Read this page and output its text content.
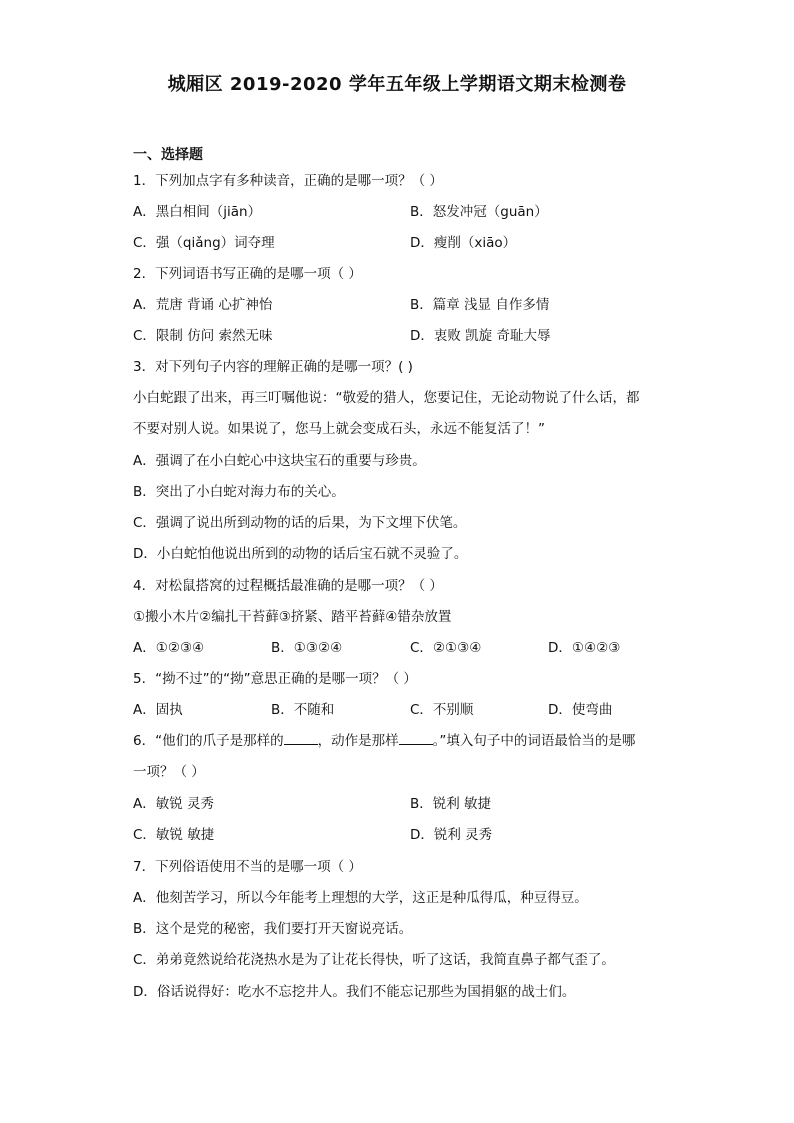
城厢区 2019-2020 学年五年级上学期语文期末检测卷
一、选择题
1．下列加点字有多种读音，正确的是哪一项？（ ）
A．黑白相间（jiān）	B．怒发冲冠（guān）
C．强（qiǎng）词夺理	D．瘦削（xiāo）
2．下列词语书写正确的是哪一项（ ）
A．荒唐 背诵 心扩神怡	B．篇章 浅显 自作多情
C．限制 仿问 索然无味	D．衷败 凯旋 奇耻大辱
3．对下列句子内容的理解正确的是哪一项？( )
小白蛇跟了出来，再三叮嘱他说：“敬爱的猎人，您要记住，无论动物说了什么话，都
不要对别人说。如果说了，您马上就会变成石头，永远不能复活了！”
A．强调了在小白蛇心中这块宝石的重要与珍贵。
B．突出了小白蛇对海力布的关心。
C．强调了说出所到动物的话的后果，为下文埋下伏笔。
D．小白蛇怕他说出所到的动物的话后宝石就不灵验了。
4．对松鼠搭窝的过程概括最准确的是哪一项？（ ）
①搬小木片②编扎干苔藓③挤紧、踏平苔藓④错杂放置
A．①②③④	B．①③②④	C．②①③④	D．①④②③
5．“拗不过”的“拗”意思正确的是哪一项？（ ）
A．固执	B．不随和	C．不别顺	D．使弯曲
6．“他们的爪子是那样的	，动作是那样	。”填入句子中的词语最恰当的是哪
一项？（ ）
A．敏锐 灵秀	B．锐利 敏捷
C．敏锐 敏捷	D．锐利 灵秀
7．下列俗语使用不当的是哪一项（ ）
A．他刻苦学习，所以今年能考上理想的大学，这正是种瓜得瓜，种豆得豆。
B．这个是党的秘密，我们要打开天窗说亮话。
C．弟弟竟然说给花浇热水是为了让花长得快，听了这话，我简直鼻子都气歪了。
D．俗话说得好：吃水不忘挖井人。我们不能忘记那些为国捐躯的战士们。
